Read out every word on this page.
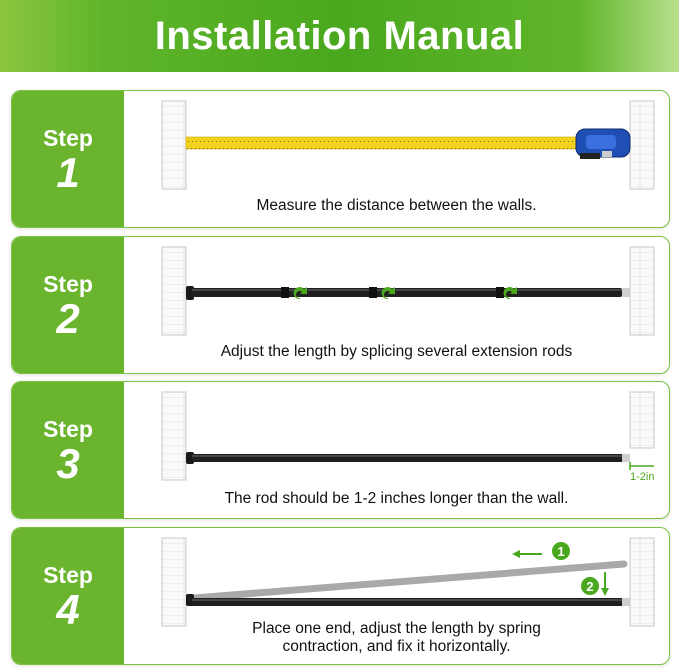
Installation Manual
Step
1
Measure the distance between the walls.
Step
2
Adjust the length by splicing several extension rods
Step
3	1-2in
The rod should be 1-2 inches longer than the wall.
Step
4
1
2
Place one end, adjust the length by spring
contraction, and fix it horizontally.
